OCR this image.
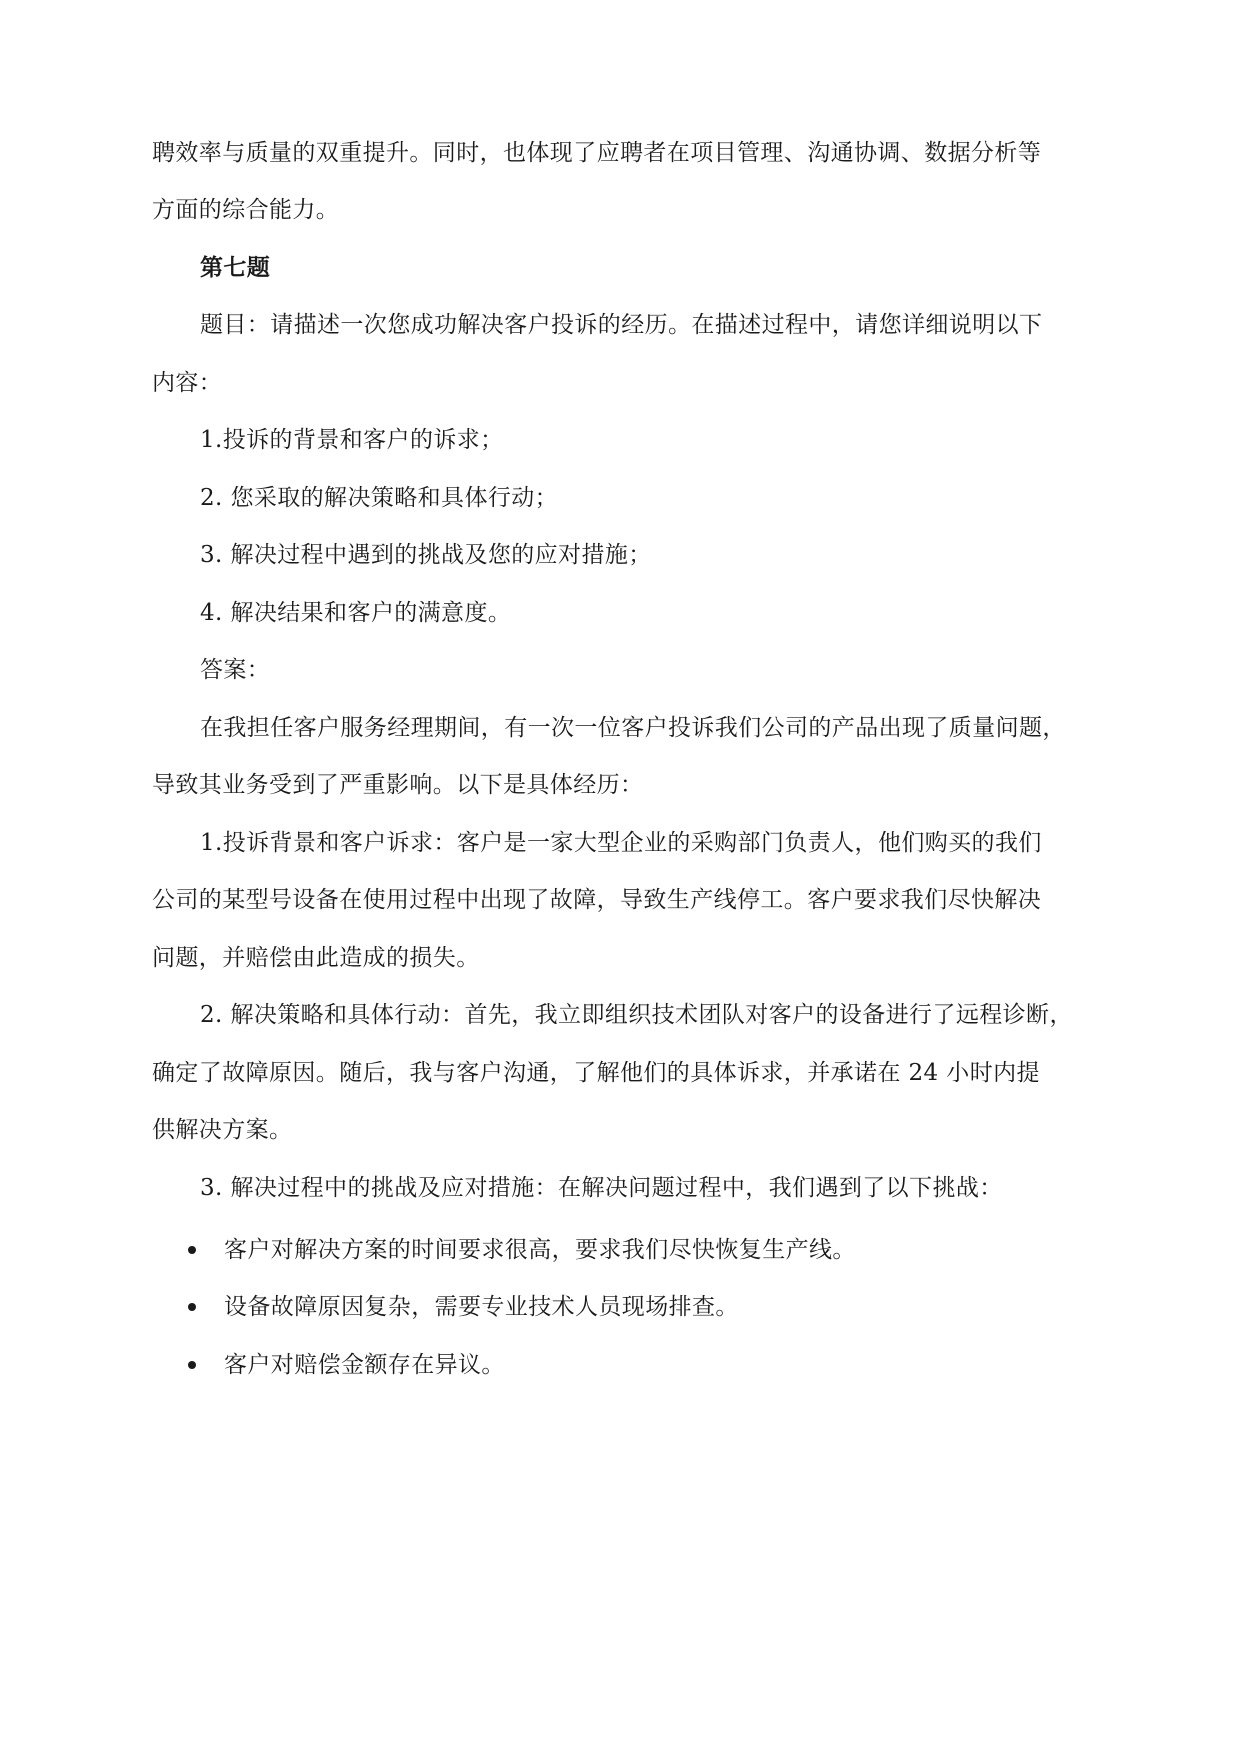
聘效率与质量的双重提升。同时，也体现了应聘者在项目管理、沟通协调、数据分析等
方面的综合能力。
第七题
题目：请描述一次您成功解决客户投诉的经历。在描述过程中，请您详细说明以下
内容：
1.投诉的背景和客户的诉求；
2. 您采取的解决策略和具体行动；
3. 解决过程中遇到的挑战及您的应对措施；
4. 解决结果和客户的满意度。
答案：
在我担任客户服务经理期间，有一次一位客户投诉我们公司的产品出现了质量问题，
导致其业务受到了严重影响。以下是具体经历：
1.投诉背景和客户诉求：客户是一家大型企业的采购部门负责人，他们购买的我们
公司的某型号设备在使用过程中出现了故障，导致生产线停工。客户要求我们尽快解决
问题，并赔偿由此造成的损失。
2. 解决策略和具体行动：首先，我立即组织技术团队对客户的设备进行了远程诊断，
确定了故障原因。随后，我与客户沟通，了解他们的具体诉求，并承诺在 24 小时内提
供解决方案。
3. 解决过程中的挑战及应对措施：在解决问题过程中，我们遇到了以下挑战：
客户对解决方案的时间要求很高，要求我们尽快恢复生产线。
设备故障原因复杂，需要专业技术人员现场排查。
客户对赔偿金额存在异议。
